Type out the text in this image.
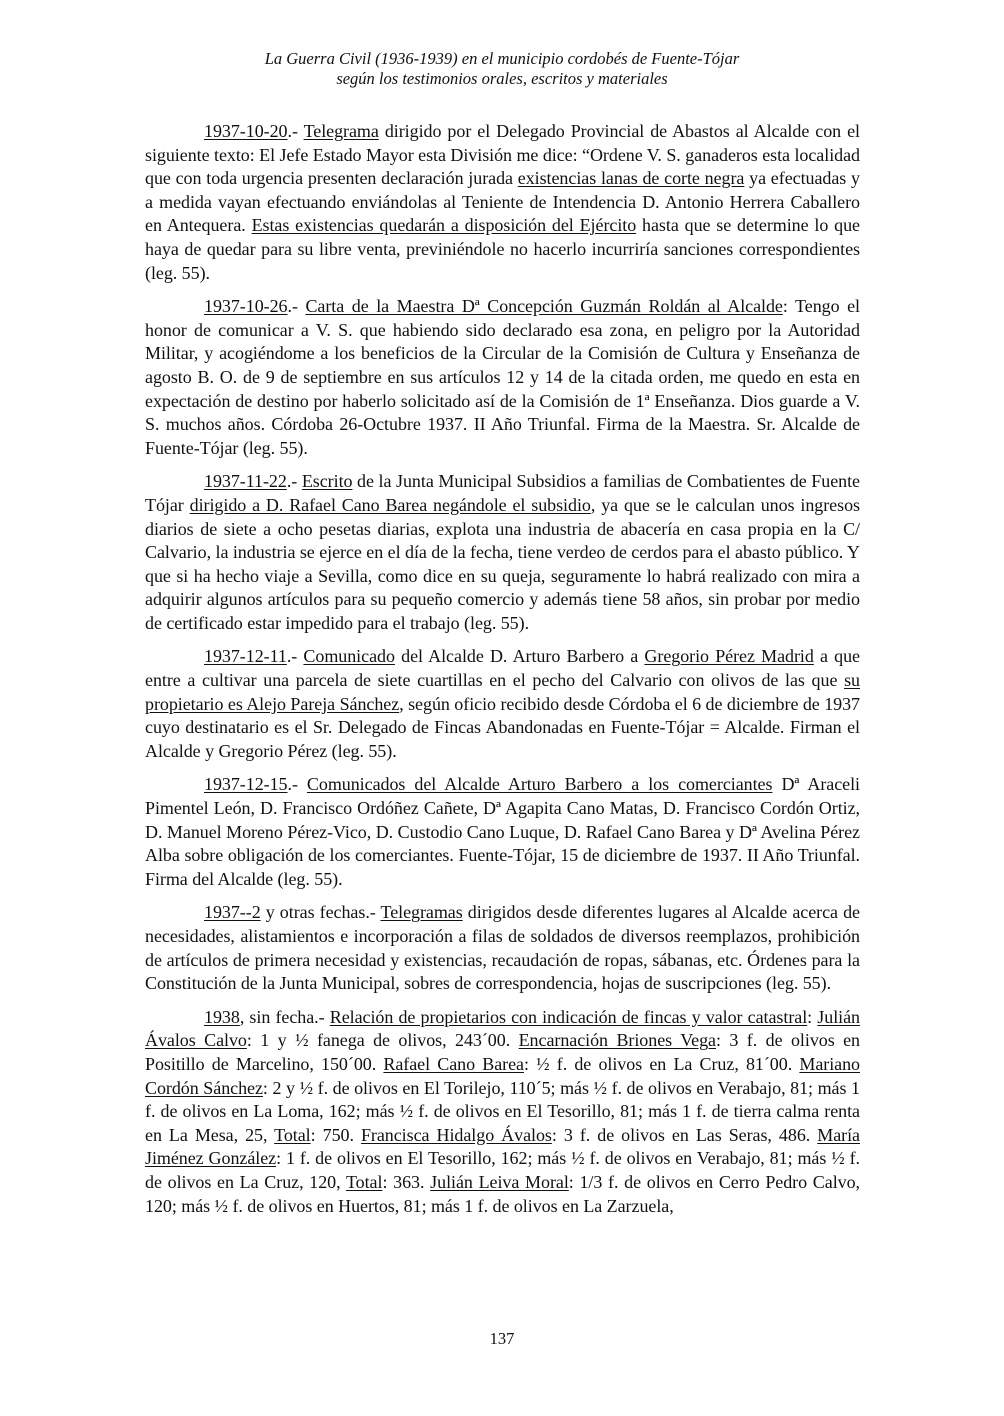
La Guerra Civil (1936-1939) en el municipio cordobés de Fuente-Tójar
según los testimonios orales, escritos y materiales

1937-10-20.- Telegrama dirigido por el Delegado Provincial de Abastos al Alcalde con el siguiente texto: El Jefe Estado Mayor esta División me dice: “Ordene V. S. ganaderos esta localidad que con toda urgencia presenten declaración jurada existencias lanas de corte negra ya efectuadas y a medida vayan efectuando enviándolas al Teniente de Intendencia D. Antonio Herrera Caballero en Antequera. Estas existencias quedarán a disposición del Ejército hasta que se determine lo que haya de quedar para su libre venta, previniéndole no hacerlo incurriría sanciones correspondientes (leg. 55).

1937-10-26.- Carta de la Maestra Dª Concepción Guzmán Roldán al Alcalde: Tengo el honor de comunicar a V. S. que habiendo sido declarado esa zona, en peligro por la Autoridad Militar, y acogiéndome a los beneficios de la Circular de la Comisión de Cultura y Enseñanza de agosto B. O. de 9 de septiembre en sus artículos 12 y 14 de la citada orden, me quedo en esta en expectación de destino por haberlo solicitado así de la Comisión de 1ª Enseñanza. Dios guarde a V. S. muchos años. Córdoba 26-Octubre 1937. II Año Triunfal. Firma de la Maestra. Sr. Alcalde de Fuente-Tójar (leg. 55).

1937-11-22.- Escrito de la Junta Municipal Subsidios a familias de Combatientes de Fuente Tójar dirigido a D. Rafael Cano Barea negándole el subsidio, ya que se le calculan unos ingresos diarios de siete a ocho pesetas diarias, explota una industria de abacería en casa propia en la C/ Calvario, la industria se ejerce en el día de la fecha, tiene verdeo de cerdos para el abasto público. Y que si ha hecho viaje a Sevilla, como dice en su queja, seguramente lo habrá realizado con mira a adquirir algunos artículos para su pequeño comercio y además tiene 58 años, sin probar por medio de certificado estar impedido para el trabajo (leg. 55).

1937-12-11.- Comunicado del Alcalde D. Arturo Barbero a Gregorio Pérez Madrid a que entre a cultivar una parcela de siete cuartillas en el pecho del Calvario con olivos de las que su propietario es Alejo Pareja Sánchez, según oficio recibido desde Córdoba el 6 de diciembre de 1937 cuyo destinatario es el Sr. Delegado de Fincas Abandonadas en Fuente-Tójar = Alcalde. Firman el Alcalde y Gregorio Pérez (leg. 55).

1937-12-15.- Comunicados del Alcalde Arturo Barbero a los comerciantes Dª Araceli Pimentel León, D. Francisco Ordóñez Cañete, Dª Agapita Cano Matas, D. Francisco Cordón Ortiz, D. Manuel Moreno Pérez-Vico, D. Custodio Cano Luque, D. Rafael Cano Barea y Dª Avelina Pérez Alba sobre obligación de los comerciantes. Fuente-Tójar, 15 de diciembre de 1937. II Año Triunfal. Firma del Alcalde (leg. 55).

1937--2 y otras fechas.- Telegramas dirigidos desde diferentes lugares al Alcalde acerca de necesidades, alistamientos e incorporación a filas de soldados de diversos reemplazos, prohibición de artículos de primera necesidad y existencias, recaudación de ropas, sábanas, etc. Órdenes para la Constitución de la Junta Municipal, sobres de correspondencia, hojas de suscripciones (leg. 55).

1938, sin fecha.- Relación de propietarios con indicación de fincas y valor catastral: Julián Ávalos Calvo: 1 y ½ fanega de olivos, 243´00. Encarnación Briones Vega: 3 f. de olivos en Positillo de Marcelino, 150´00. Rafael Cano Barea: ½ f. de olivos en La Cruz, 81´00. Mariano Cordón Sánchez: 2 y ½ f. de olivos en El Torilejo, 110´5; más ½ f. de olivos en Verabajo, 81; más 1 f. de olivos en La Loma, 162; más ½ f. de olivos en El Tesorillo, 81; más 1 f. de tierra calma renta en La Mesa, 25, Total: 750. Francisca Hidalgo Ávalos: 3 f. de olivos en Las Seras, 486. María Jiménez González: 1 f. de olivos en El Tesorillo, 162; más ½ f. de olivos en Verabajo, 81; más ½ f. de olivos en La Cruz, 120, Total: 363. Julián Leiva Moral: 1/3 f. de olivos en Cerro Pedro Calvo, 120; más ½ f. de olivos en Huertos, 81; más 1 f. de olivos en La Zarzuela,

137
